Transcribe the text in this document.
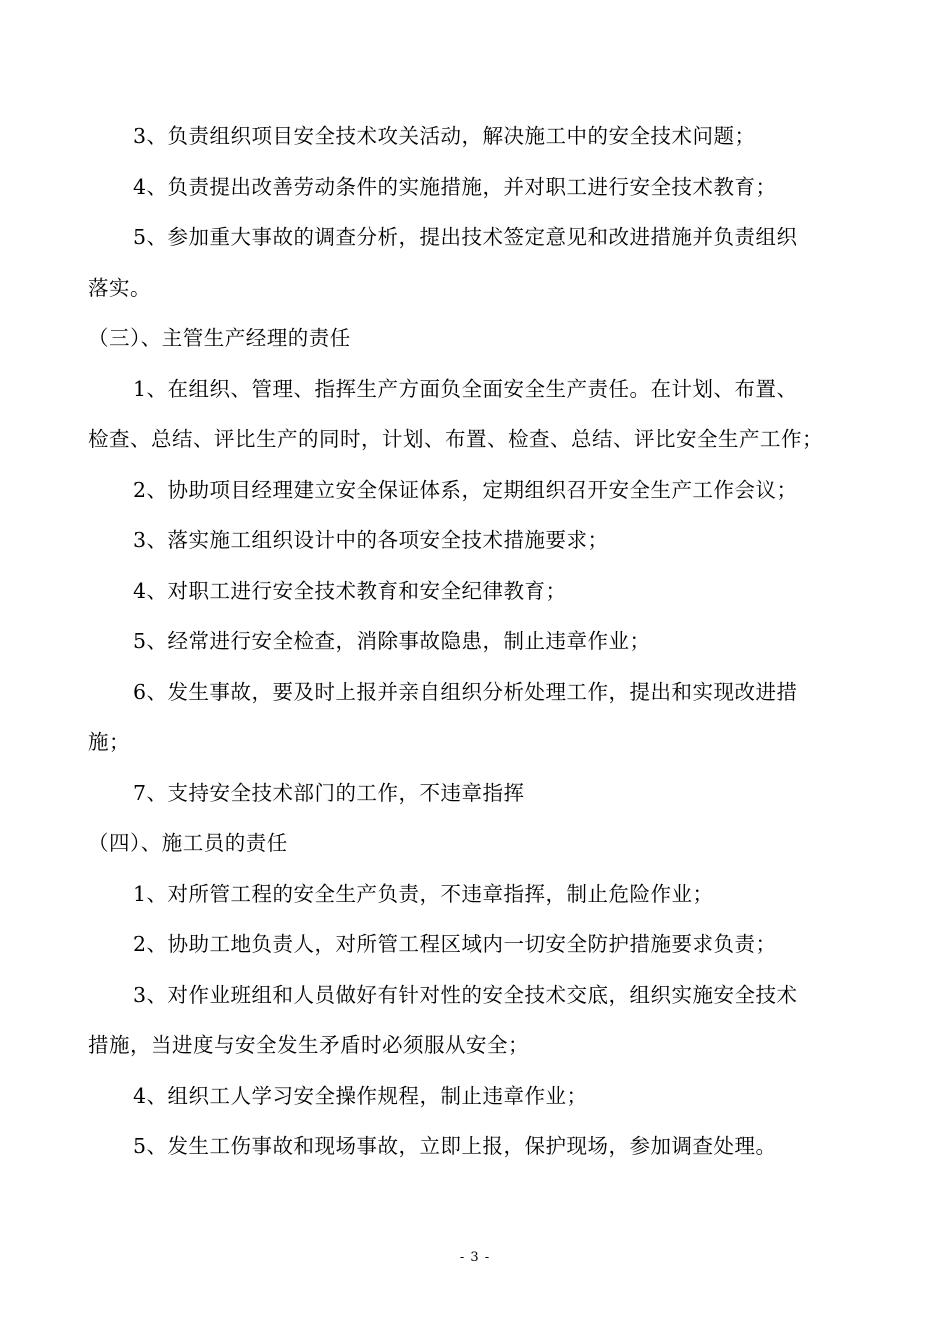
3、负责组织项目安全技术攻关活动，解决施工中的安全技术问题；
4、负责提出改善劳动条件的实施措施，并对职工进行安全技术教育；
5、参加重大事故的调查分析，提出技术签定意见和改进措施并负责组织
落实。
（三）、主管生产经理的责任
1、在组织、管理、指挥生产方面负全面安全生产责任。在计划、布置、
检查、总结、评比生产的同时，计划、布置、检查、总结、评比安全生产工作；
2、协助项目经理建立安全保证体系，定期组织召开安全生产工作会议；
3、落实施工组织设计中的各项安全技术措施要求；
4、对职工进行安全技术教育和安全纪律教育；
5、经常进行安全检查，消除事故隐患，制止违章作业；
6、发生事故，要及时上报并亲自组织分析处理工作，提出和实现改进措
施；
7、支持安全技术部门的工作，不违章指挥
（四）、施工员的责任
1、对所管工程的安全生产负责，不违章指挥，制止危险作业；
2、协助工地负责人，对所管工程区域内一切安全防护措施要求负责；
3、对作业班组和人员做好有针对性的安全技术交底，组织实施安全技术
措施，当进度与安全发生矛盾时必须服从安全；
4、组织工人学习安全操作规程，制止违章作业；
5、发生工伤事故和现场事故，立即上报，保护现场，参加调查处理。
- 3 -
